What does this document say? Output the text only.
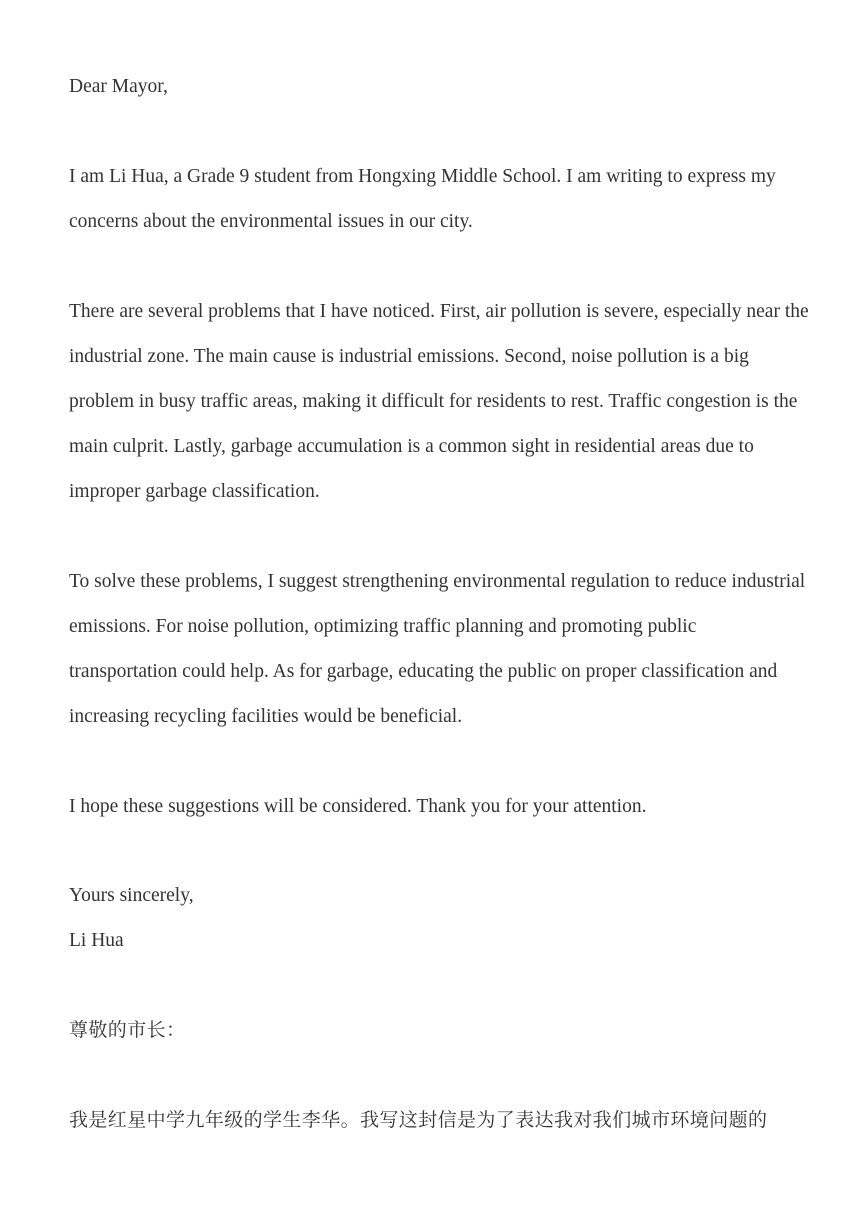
Dear Mayor,

I am Li Hua, a Grade 9 student from Hongxing Middle School. I am writing to express my concerns about the environmental issues in our city.

There are several problems that I have noticed. First, air pollution is severe, especially near the industrial zone. The main cause is industrial emissions. Second, noise pollution is a big problem in busy traffic areas, making it difficult for residents to rest. Traffic congestion is the main culprit. Lastly, garbage accumulation is a common sight in residential areas due to improper garbage classification.

To solve these problems, I suggest strengthening environmental regulation to reduce industrial emissions. For noise pollution, optimizing traffic planning and promoting public transportation could help. As for garbage, educating the public on proper classification and increasing recycling facilities would be beneficial.

I hope these suggestions will be considered. Thank you for your attention.

Yours sincerely,

Li Hua

尊敬的市长：

我是红星中学九年级的学生李华。我写这封信是为了表达我对我们城市环境问题的
